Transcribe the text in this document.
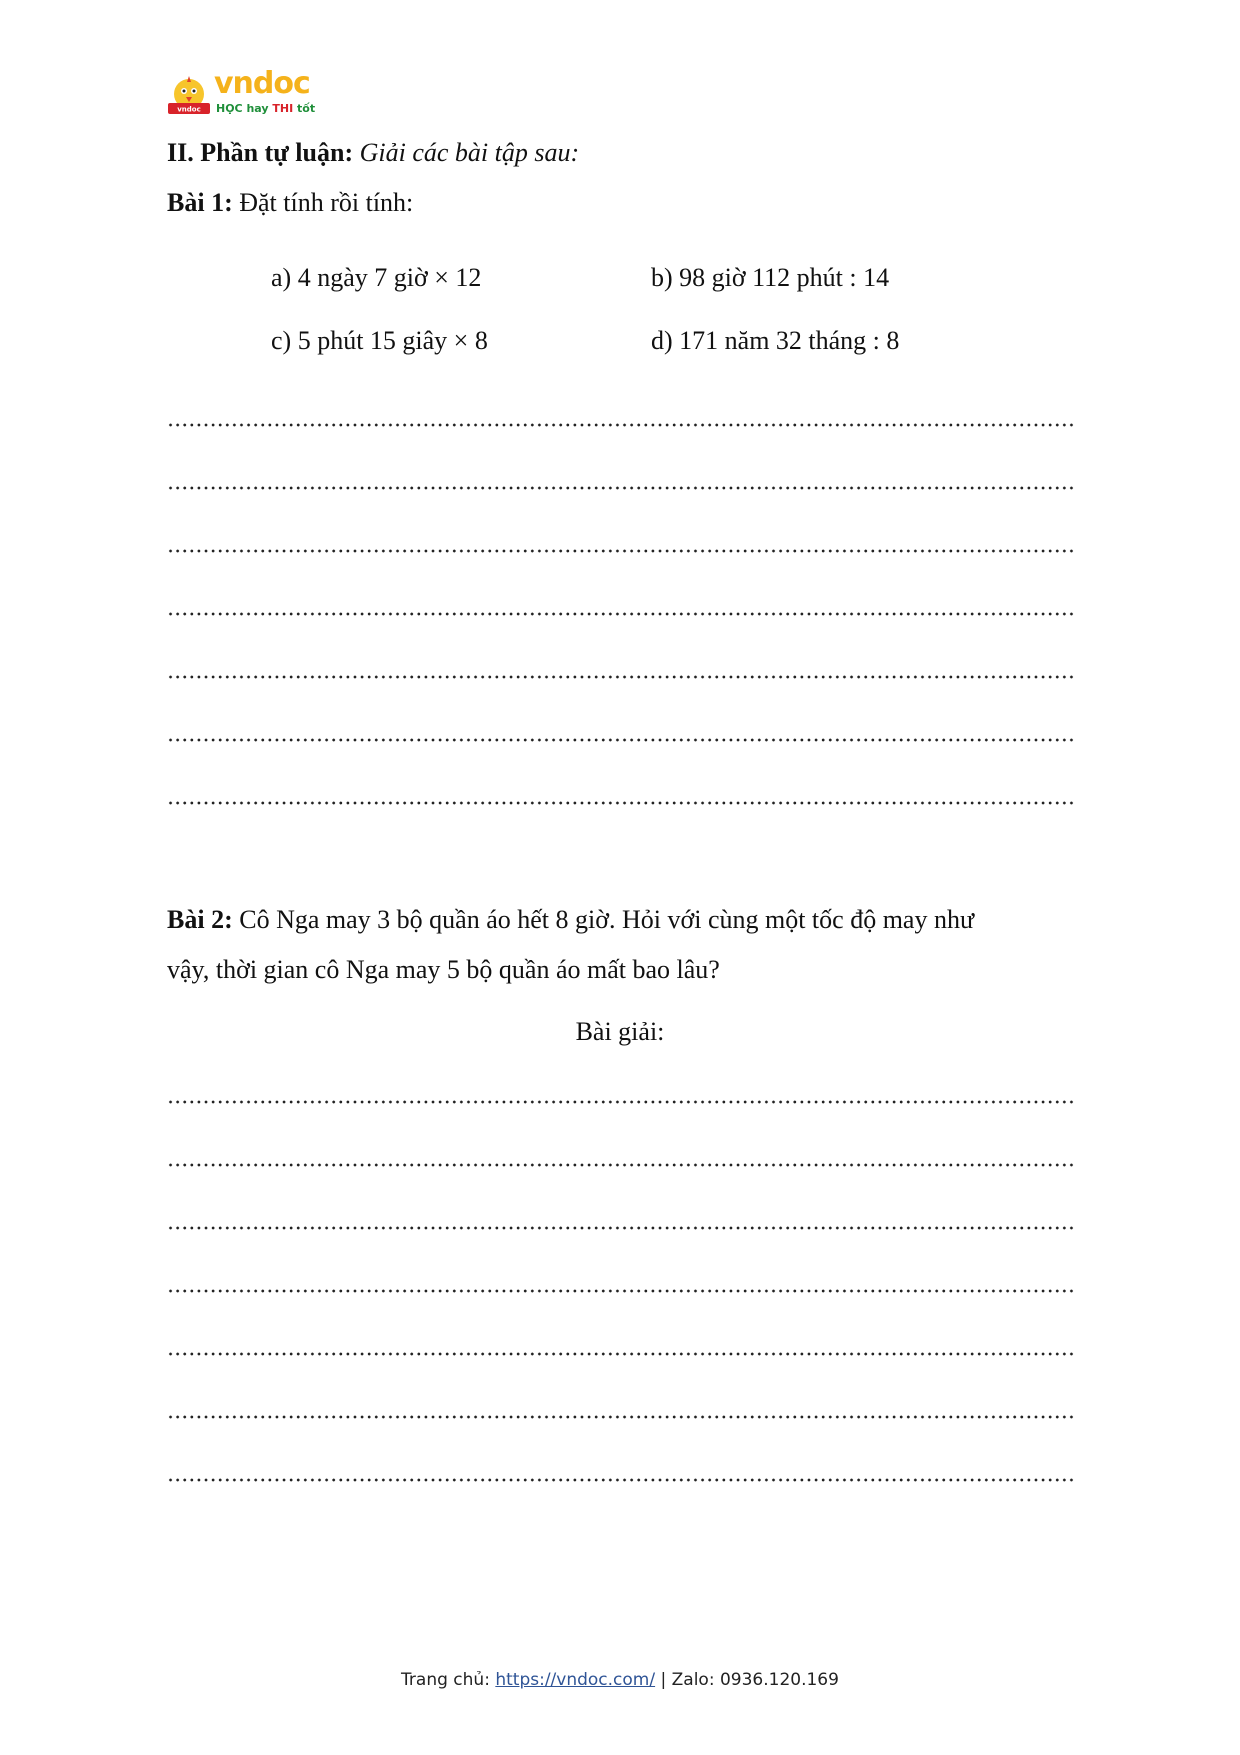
vndoc
vndoc
HỌC hay THI tốt
II. Phần tự luận: Giải các bài tập sau:
Bài 1: Đặt tính rồi tính:
a) 4 ngày 7 giờ × 12	b) 98 giờ 112 phút : 14
c) 5 phút 15 giây × 8	d) 171 năm 32 tháng : 8
Bài 2: Cô Nga may 3 bộ quần áo hết 8 giờ. Hỏi với cùng một tốc độ may như
vậy, thời gian cô Nga may 5 bộ quần áo mất bao lâu?
Bài giải:
Trang chủ: https://vndoc.com/ | Zalo: 0936.120.169
